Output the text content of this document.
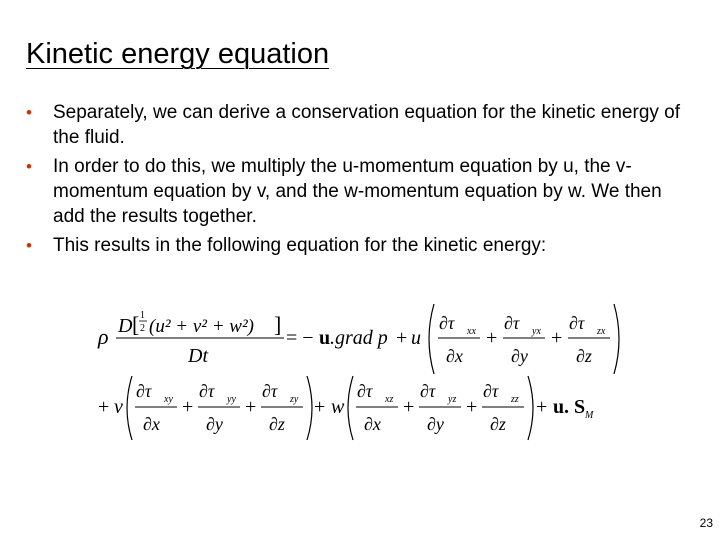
Kinetic energy equation
• Separately, we can derive a conservation equation for the kinetic energy of the fluid.
• In order to do this, we multiply the u-momentum equation by u, the v-momentum equation by v, and the w-momentum equation by w. We then add the results together.
• This results in the following equation for the kinetic energy:
ρ D [ 1
2 (u² + v² + w²) ]
Dt
= − u .grad p + u
∂τ xx
∂x
+
∂τ yx
∂y
+
∂τ zx
∂z
+ v
∂τ xy
∂x
+
∂τ yy
∂y
+
∂τ zy
∂z
+ w
∂τ xz
∂x
+
∂τ yz
∂y
+
∂τ zz
∂z
+ u . S M
23
